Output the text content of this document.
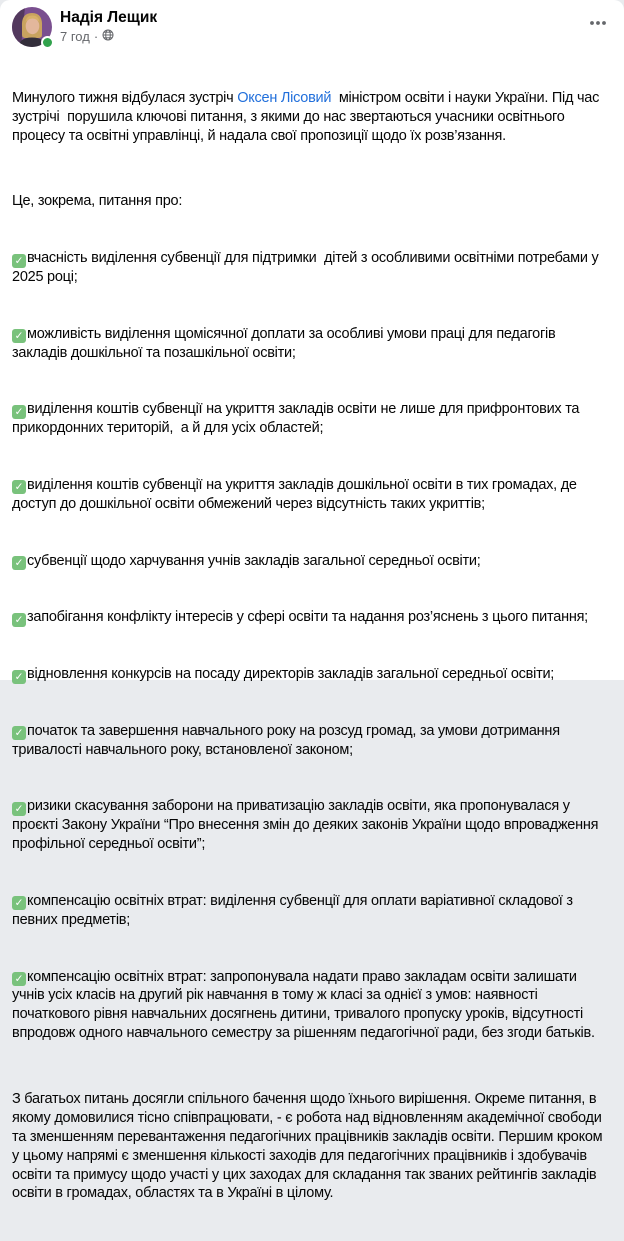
Надія Лещик
7 год ·

Минулого тижня відбулася зустріч Оксен Лісовий  міністром освіти і науки України. Під час  зустрічі  порушила ключові питання, з якими до нас звертаються учасники освітнього процесу та освітні управлінці, й надала свої пропозиції щодо їх розв’язання.

Це, зокрема, питання про:

✓ вчасність виділення субвенції для підтримки  дітей з особливими освітніми потребами у 2025 році;

✓ можливість виділення щомісячної доплати за особливі умови праці для педагогів закладів дошкільної та позашкільної освіти;

✓ виділення коштів субвенції на укриття закладів освіти не лише для прифронтових та прикордонних територій,  а й для усіх областей;

✓ виділення коштів субвенції на укриття закладів дошкільної освіти в тих громадах, де доступ до дошкільної освіти обмежений через відсутність таких укриттів;

✓ субвенції щодо харчування учнів закладів загальної середньої освіти;

✓ запобігання конфлікту інтересів у сфері освіти та надання роз’яснень з цього питання;

✓ відновлення конкурсів на посаду директорів закладів загальної середньої освіти;

✓ початок та завершення навчального року на розсуд громад, за умови дотримання тривалості навчального року, встановленої законом;

✓ ризики скасування заборони на приватизацію закладів освіти, яка пропонувалася у проєкті Закону України “Про внесення змін до деяких законів України щодо впровадження профільної середньої освіти”;

✓ компенсацію освітніх втрат: виділення субвенції для оплати варіативної складової з певних предметів;

✓ компенсацію освітніх втрат: запропонувала надати право закладам освіти залишати учнів усіх класів на другий рік навчання в тому ж класі за однієї з умов: наявності початкового рівня навчальних досягнень дитини, тривалого пропуску уроків, відсутності впродовж одного навчального семестру за рішенням педагогічної ради, без згоди батьків.

З багатьох питань досягли спільного бачення щодо їхнього вирішення. Окреме питання, в якому домовилися тісно співпрацювати, - є робота над відновленням академічної свободи та зменшенням перевантаження педагогічних працівників закладів освіти. Першим кроком у цьому напрямі є зменшення кількості заходів для педагогічних працівників і здобувачів освіти та примусу щодо участі у цих заходах для складання так званих рейтингів закладів освіти в громадах, областях та в Україні в цілому.
